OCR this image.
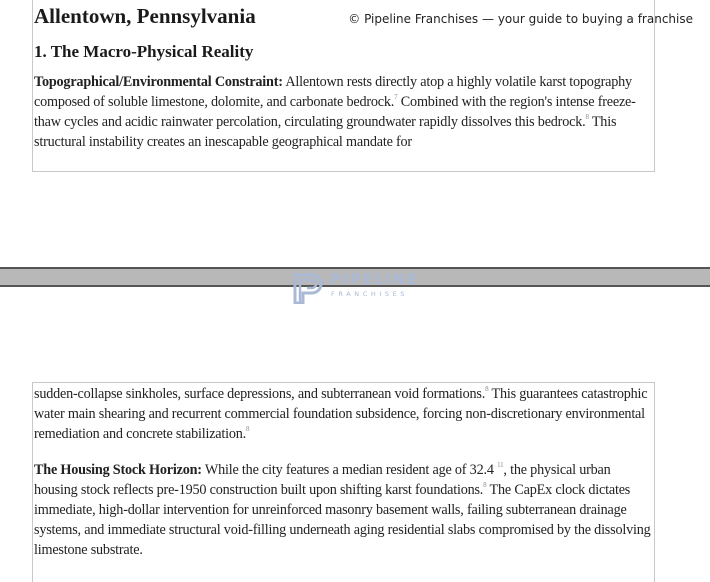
Allentown, Pennsylvania
1. The Macro-Physical Reality
Topographical/Environmental Constraint: Allentown rests directly atop a highly volatile karst topography composed of soluble limestone, dolomite, and carbonate bedrock.$^7$ Combined with the region's intense freeze-thaw cycles and acidic rainwater percolation, circulating groundwater rapidly dissolves this bedrock.$^8$ This structural instability creates an inescapable geographical mandate for
© Pipeline Franchises — your guide to buying a franchise
PIPELINE
FRANCHISES
sudden-collapse sinkholes, surface depressions, and subterranean void formations.$^8$ This guarantees catastrophic water main shearing and recurrent commercial foundation subsidence, forcing non-discretionary environmental remediation and concrete stabilization.$^8$
The Housing Stock Horizon: While the city features a median resident age of 32.4 $^{11}$, the physical urban housing stock reflects pre-1950 construction built upon shifting karst foundations.$^8$ The CapEx clock dictates immediate, high-dollar intervention for unreinforced masonry basement walls, failing subterranean drainage systems, and immediate structural void-filling underneath aging residential slabs compromised by the dissolving limestone substrate.
